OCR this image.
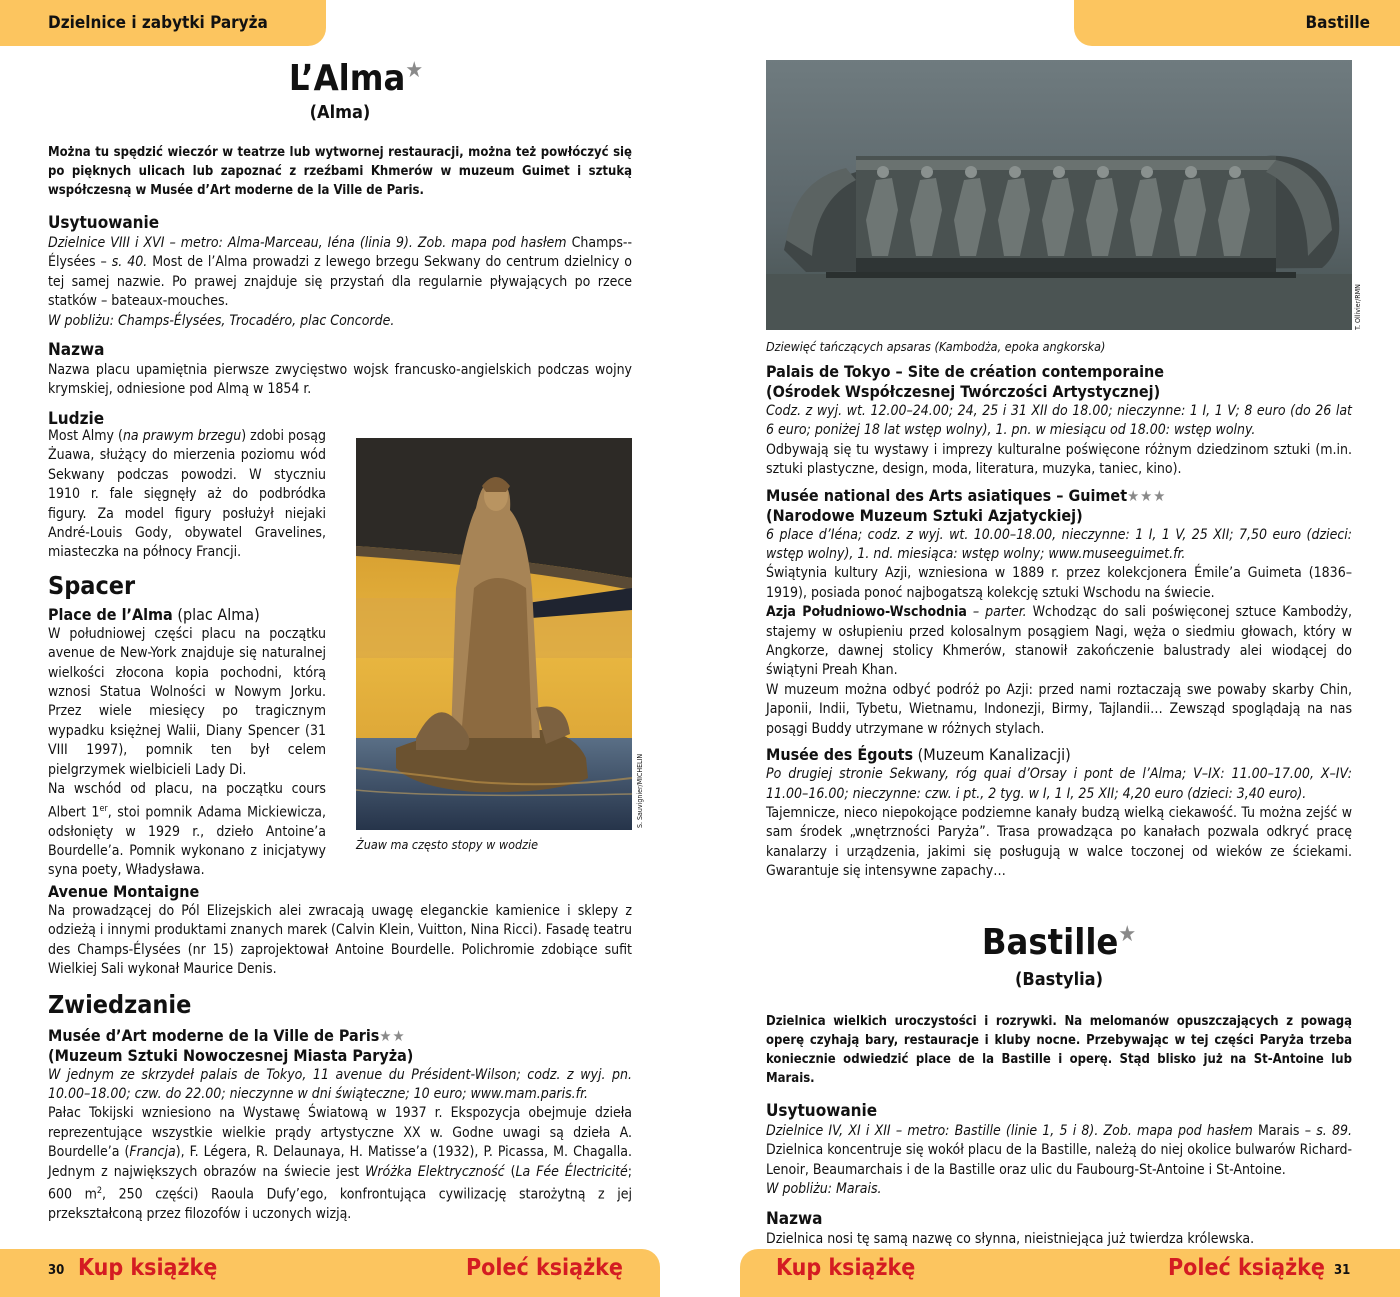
Dzielnice i zabytki Paryża	Bastille
L’Alma★
(Alma)

Można tu spędzić wieczór w teatrze lub wytwornej restauracji, można też powłóczyć się po pięknych ulicach lub zapoznać z rzeźbami Khmerów w muzeum Guimet i sztuką współczesną w Musée d’Art moderne de la Ville de Paris.

Usytuowanie

Dzielnice VIII i XVI – metro: Alma-Marceau, Iéna (linia 9). Zob. mapa pod hasłem Champs--Élysées – s. 40. Most de l’Alma prowadzi z lewego brzegu Sekwany do centrum dzielnicy o tej samej nazwie. Po prawej znajduje się przystań dla regularnie pływających po rzece statków – bateaux-mouches.

W pobliżu: Champs-Élysées, Trocadéro, plac Concorde.

Nazwa

Nazwa placu upamiętnia pierwsze zwycięstwo wojsk francusko-angielskich podczas wojny krymskiej, odniesione pod Almą w 1854 r.

Ludzie

Most Almy (na prawym brzegu) zdobi posąg Żuawa, służący do mierzenia poziomu wód Sekwany podczas powodzi. W styczniu 1910 r. fale sięgnęły aż do podbródka figury. Za model figury posłużył niejaki André-Louis Gody, obywatel Gravelines, miasteczka na północy Francji.

Spacer
Place de l’Alma (plac Alma)

W południowej części placu na początku avenue de New-York znajduje się naturalnej wielkości złocona kopia pochodni, którą wznosi Statua Wolności w Nowym Jorku. Przez wiele miesięcy po tragicznym wypadku księżnej Walii, Diany Spencer (31 VIII 1997), pomnik ten był celem pielgrzymek wielbicieli Lady Di.

Na wschód od placu, na początku cours Albert 1er, stoi pomnik Adama Mickiewicza, odsłonięty w 1929 r., dzieło Antoine’a Bourdelle’a. Pomnik wykonano z inicjatywy syna poety, Władysława.

S. Sauvignier/MICHELIN
Żuaw ma często stopy w wodzie
Avenue Montaigne

Na prowadzącej do Pól Elizejskich alei zwracają uwagę eleganckie kamienice i sklepy z odzieżą i innymi produktami znanych marek (Calvin Klein, Vuitton, Nina Ricci). Fasadę teatru des Champs-Élysées (nr 15) zaprojektował Antoine Bourdelle. Polichromie zdobiące sufit Wielkiej Sali wykonał Maurice Denis.

Zwiedzanie
Musée d’Art moderne de la Ville de Paris★★
(Muzeum Sztuki Nowoczesnej Miasta Paryża)

W jednym ze skrzydeł palais de Tokyo, 11 avenue du Président-Wilson; codz. z wyj. pn. 10.00–18.00; czw. do 22.00; nieczynne w dni świąteczne; 10 euro; www.mam.paris.fr.

Pałac Tokijski wzniesiono na Wystawę Światową w 1937 r. Ekspozycja obejmuje dzieła reprezentujące wszystkie wielkie prądy artystyczne XX w. Godne uwagi są dzieła A. Bourdelle’a (Francja), F. Légera, R. Delaunaya, H. Matisse’a (1932), P. Picassa, M. Chagalla. Jednym z największych obrazów na świecie jest Wróżka Elektryczność (La Fée Électricité; 600 $m^2$, 250 części) Raoula Dufy’ego, konfrontująca cywilizację starożytną z jej przekształconą przez filozofów i uczonych wizją.

T. Ollivier/RMN
Dziewięć tańczących apsaras (Kambodża, epoka angkorska)
Palais de Tokyo – Site de création contemporaine
(Ośrodek Współczesnej Twórczości Artystycznej)

Codz. z wyj. wt. 12.00–24.00; 24, 25 i 31 XII do 18.00; nieczynne: 1 I, 1 V; 8 euro (do 26 lat 6 euro; poniżej 18 lat wstęp wolny), 1. pn. w miesiącu od 18.00: wstęp wolny.

Odbywają się tu wystawy i imprezy kulturalne poświęcone różnym dziedzinom sztuki (m.in. sztuki plastyczne, design, moda, literatura, muzyka, taniec, kino).

Musée national des Arts asiatiques – Guimet★★★
(Narodowe Muzeum Sztuki Azjatyckiej)

6 place d’Iéna; codz. z wyj. wt. 10.00–18.00, nieczynne: 1 I, 1 V, 25 XII; 7,50 euro (dzieci: wstęp wolny), 1. nd. miesiąca: wstęp wolny; www.museeguimet.fr.

Świątynia kultury Azji, wzniesiona w 1889 r. przez kolekcjonera Émile’a Guimeta (1836–1919), posiada ponoć najbogatszą kolekcję sztuki Wschodu na świecie.

Azja Południowo-Wschodnia – parter. Wchodząc do sali poświęconej sztuce Kambodży, stajemy w osłupieniu przed kolosalnym posągiem Nagi, węża o siedmiu głowach, który w Angkorze, dawnej stolicy Khmerów, stanowił zakończenie balustrady alei wiodącej do świątyni Preah Khan.

W muzeum można odbyć podróż po Azji: przed nami roztaczają swe powaby skarby Chin, Japonii, Indii, Tybetu, Wietnamu, Indonezji, Birmy, Tajlandii… Zewsząd spoglądają na nas posągi Buddy utrzymane w różnych stylach.

Musée des Égouts (Muzeum Kanalizacji)

Po drugiej stronie Sekwany, róg quai d’Orsay i pont de l’Alma; V–IX: 11.00–17.00, X–IV: 11.00–16.00; nieczynne: czw. i pt., 2 tyg. w I, 1 I, 25 XII; 4,20 euro (dzieci: 3,40 euro).

Tajemnicze, nieco niepokojące podziemne kanały budzą wielką ciekawość. Tu można zejść w sam środek „wnętrzności Paryża”. Trasa prowadząca po kanałach pozwala odkryć pracę kanalarzy i urządzenia, jakimi się posługują w walce toczonej od wieków ze ściekami. Gwarantuje się intensywne zapachy…

Bastille★
(Bastylia)

Dzielnica wielkich uroczystości i rozrywki. Na melomanów opuszczających z powagą operę czyhają bary, restauracje i kluby nocne. Przebywając w tej części Paryża trzeba koniecznie odwiedzić place de la Bastille i operę. Stąd blisko już na St-Antoine lub Marais.

Usytuowanie

Dzielnice IV, XI i XII – metro: Bastille (linie 1, 5 i 8). Zob. mapa pod hasłem Marais – s. 89. Dzielnica koncentruje się wokół placu de la Bastille, należą do niej okolice bulwarów Richard-Lenoir, Beaumarchais i de la Bastille oraz ulic du Faubourg-St-Antoine i St-Antoine.

W pobliżu: Marais.

Nazwa

Dzielnica nosi tę samą nazwę co słynna, nieistniejąca już twierdza królewska.

30	31
Kup książkę	Poleć książkę	Kup książkę	Poleć książkę
